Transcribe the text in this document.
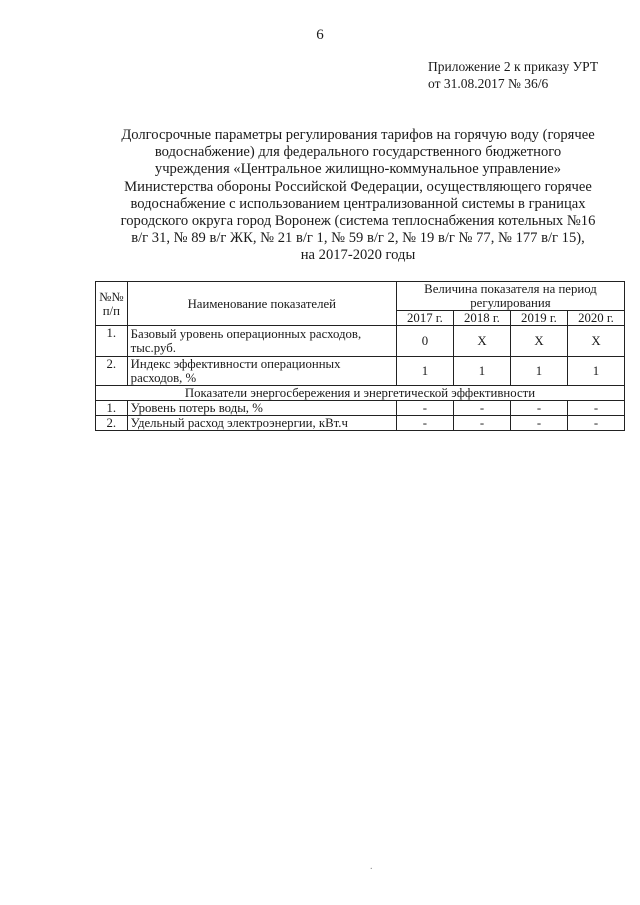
6
Приложение 2 к приказу УРТ
от 31.08.2017 № 36/6
Долгосрочные параметры регулирования тарифов на горячую воду (горячее
водоснабжение) для федерального государственного бюджетного
учреждения «Центральное жилищно-коммунальное управление»
Министерства обороны Российской Федерации, осуществляющего горячее
водоснабжение с использованием централизованной системы в границах
городского округа город Воронеж (система теплоснабжения котельных №16
в/г 31, № 89 в/г ЖК, № 21 в/г 1, № 59 в/г 2, № 19 в/г № 77, № 177 в/г 15),
на 2017-2020 годы
№№ п/п	Наименование показателей	Величина показателя на период регулирования			
		2017 г.	2018 г.	2019 г.	2020 г.
1.	Базовый уровень операционных расходов, тыс.руб.	0	X	X	X
2.	Индекс эффективности операционных расходов, %	1	1	1	1
Показатели энергосбережения и энергетической эффективности					
1.	Уровень потерь воды, %	-	-	-	-
2.	Удельный расход электроэнергии, кВт.ч	-	-	-	-
.
